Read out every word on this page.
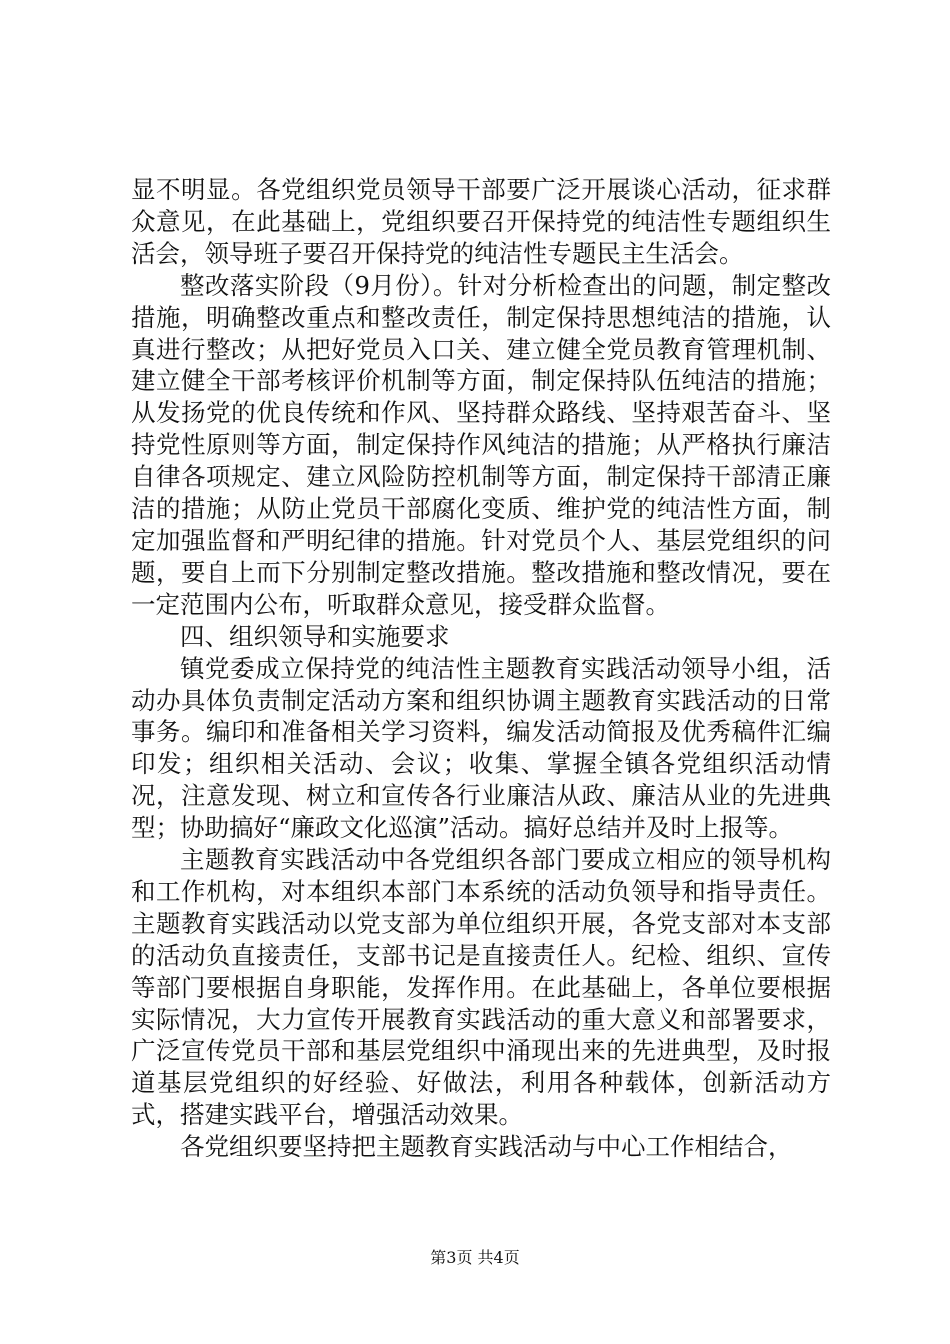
显不明显。各党组织党员领导干部要广泛开展谈心活动，征求群众意见，在此基础上，党组织要召开保持党的纯洁性专题组织生活会，领导班子要召开保持党的纯洁性专题民主生活会。

整改落实阶段（9月份）。针对分析检查出的问题，制定整改措施，明确整改重点和整改责任，制定保持思想纯洁的措施，认真进行整改；从把好党员入口关、建立健全党员教育管理机制、建立健全干部考核评价机制等方面，制定保持队伍纯洁的措施；从发扬党的优良传统和作风、坚持群众路线、坚持艰苦奋斗、坚持党性原则等方面，制定保持作风纯洁的措施；从严格执行廉洁自律各项规定、建立风险防控机制等方面，制定保持干部清正廉洁的措施；从防止党员干部腐化变质、维护党的纯洁性方面，制定加强监督和严明纪律的措施。针对党员个人、基层党组织的问题，要自上而下分别制定整改措施。整改措施和整改情况，要在一定范围内公布，听取群众意见，接受群众监督。

四、组织领导和实施要求

镇党委成立保持党的纯洁性主题教育实践活动领导小组，活动办具体负责制定活动方案和组织协调主题教育实践活动的日常事务。编印和准备相关学习资料，编发活动简报及优秀稿件汇编印发；组织相关活动、会议；收集、掌握全镇各党组织活动情况，注意发现、树立和宣传各行业廉洁从政、廉洁从业的先进典型；协助搞好“廉政文化巡演”活动。搞好总结并及时上报等。

主题教育实践活动中各党组织各部门要成立相应的领导机构和工作机构，对本组织本部门本系统的活动负领导和指导责任。主题教育实践活动以党支部为单位组织开展，各党支部对本支部的活动负直接责任，支部书记是直接责任人。纪检、组织、宣传等部门要根据自身职能，发挥作用。在此基础上，各单位要根据实际情况，大力宣传开展教育实践活动的重大意义和部署要求，广泛宣传党员干部和基层党组织中涌现出来的先进典型，及时报道基层党组织的好经验、好做法，利用各种载体，创新活动方式，搭建实践平台，增强活动效果。

各党组织要坚持把主题教育实践活动与中心工作相结合，

第3页 共4页
